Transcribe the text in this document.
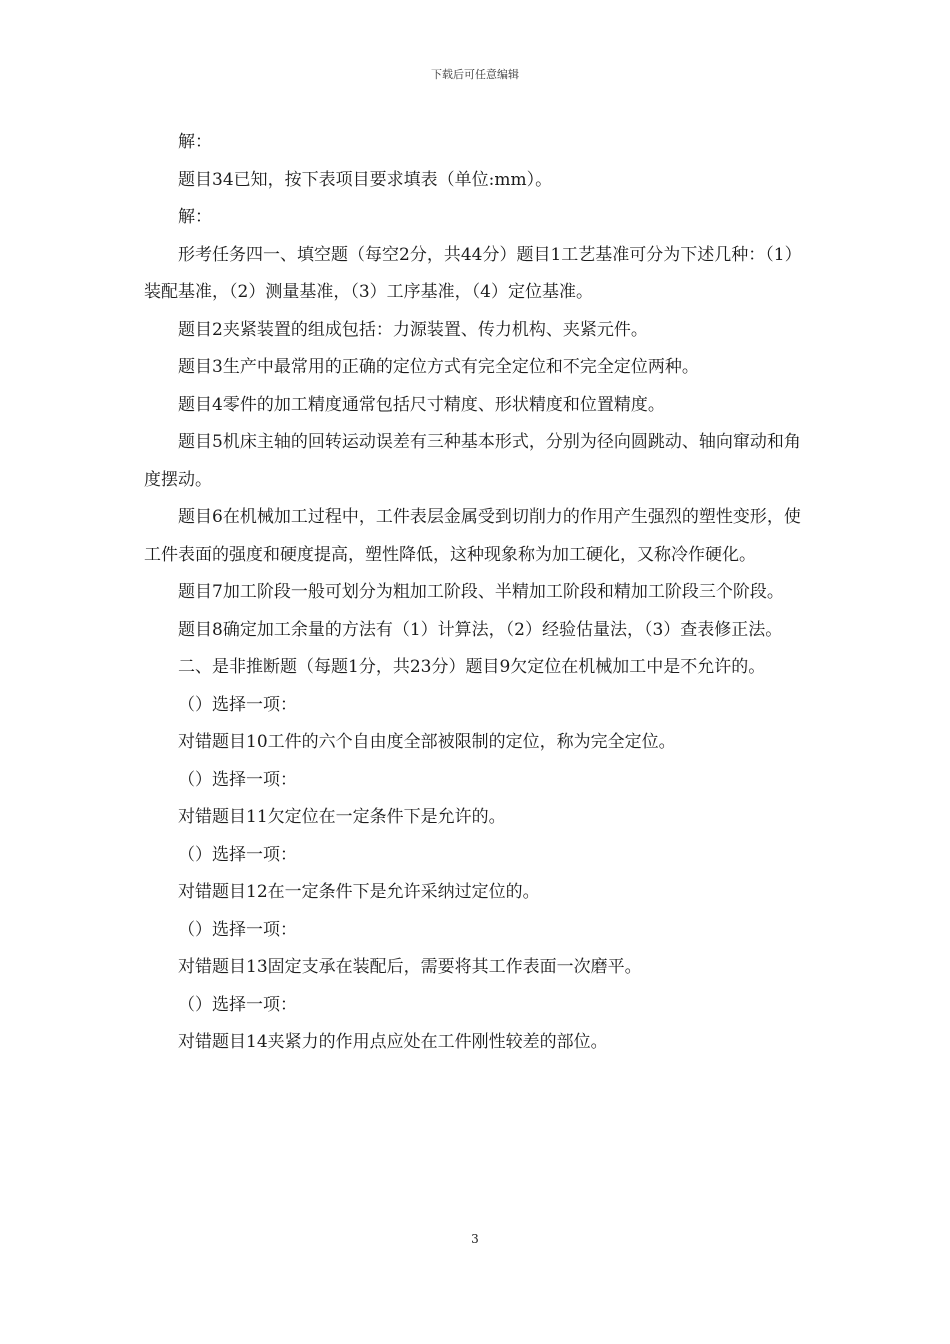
下载后可任意编辑

解：

题目34已知，按下表项目要求填表（单位:mm）。

解：

形考任务四一、填空题（每空2分，共44分）题目1工艺基准可分为下述几种：（1）装配基准，（2）测量基准，（3）工序基准，（4）定位基准。

题目2夹紧装置的组成包括：力源装置、传力机构、夹紧元件。

题目3生产中最常用的正确的定位方式有完全定位和不完全定位两种。

题目4零件的加工精度通常包括尺寸精度、形状精度和位置精度。

题目5机床主轴的回转运动误差有三种基本形式，分别为径向圆跳动、轴向窜动和角度摆动。

题目6在机械加工过程中，工件表层金属受到切削力的作用产生强烈的塑性变形，使工件表面的强度和硬度提高，塑性降低，这种现象称为加工硬化，又称冷作硬化。

题目7加工阶段一般可划分为粗加工阶段、半精加工阶段和精加工阶段三个阶段。

题目8确定加工余量的方法有（1）计算法，（2）经验估量法，（3）查表修正法。

二、是非推断题（每题1分，共23分）题目9欠定位在机械加工中是不允许的。

（）选择一项：

对错题目10工件的六个自由度全部被限制的定位，称为完全定位。

（）选择一项：

对错题目11欠定位在一定条件下是允许的。

（）选择一项：

对错题目12在一定条件下是允许采纳过定位的。

（）选择一项：

对错题目13固定支承在装配后，需要将其工作表面一次磨平。

（）选择一项：

对错题目14夹紧力的作用点应处在工件刚性较差的部位。

3
